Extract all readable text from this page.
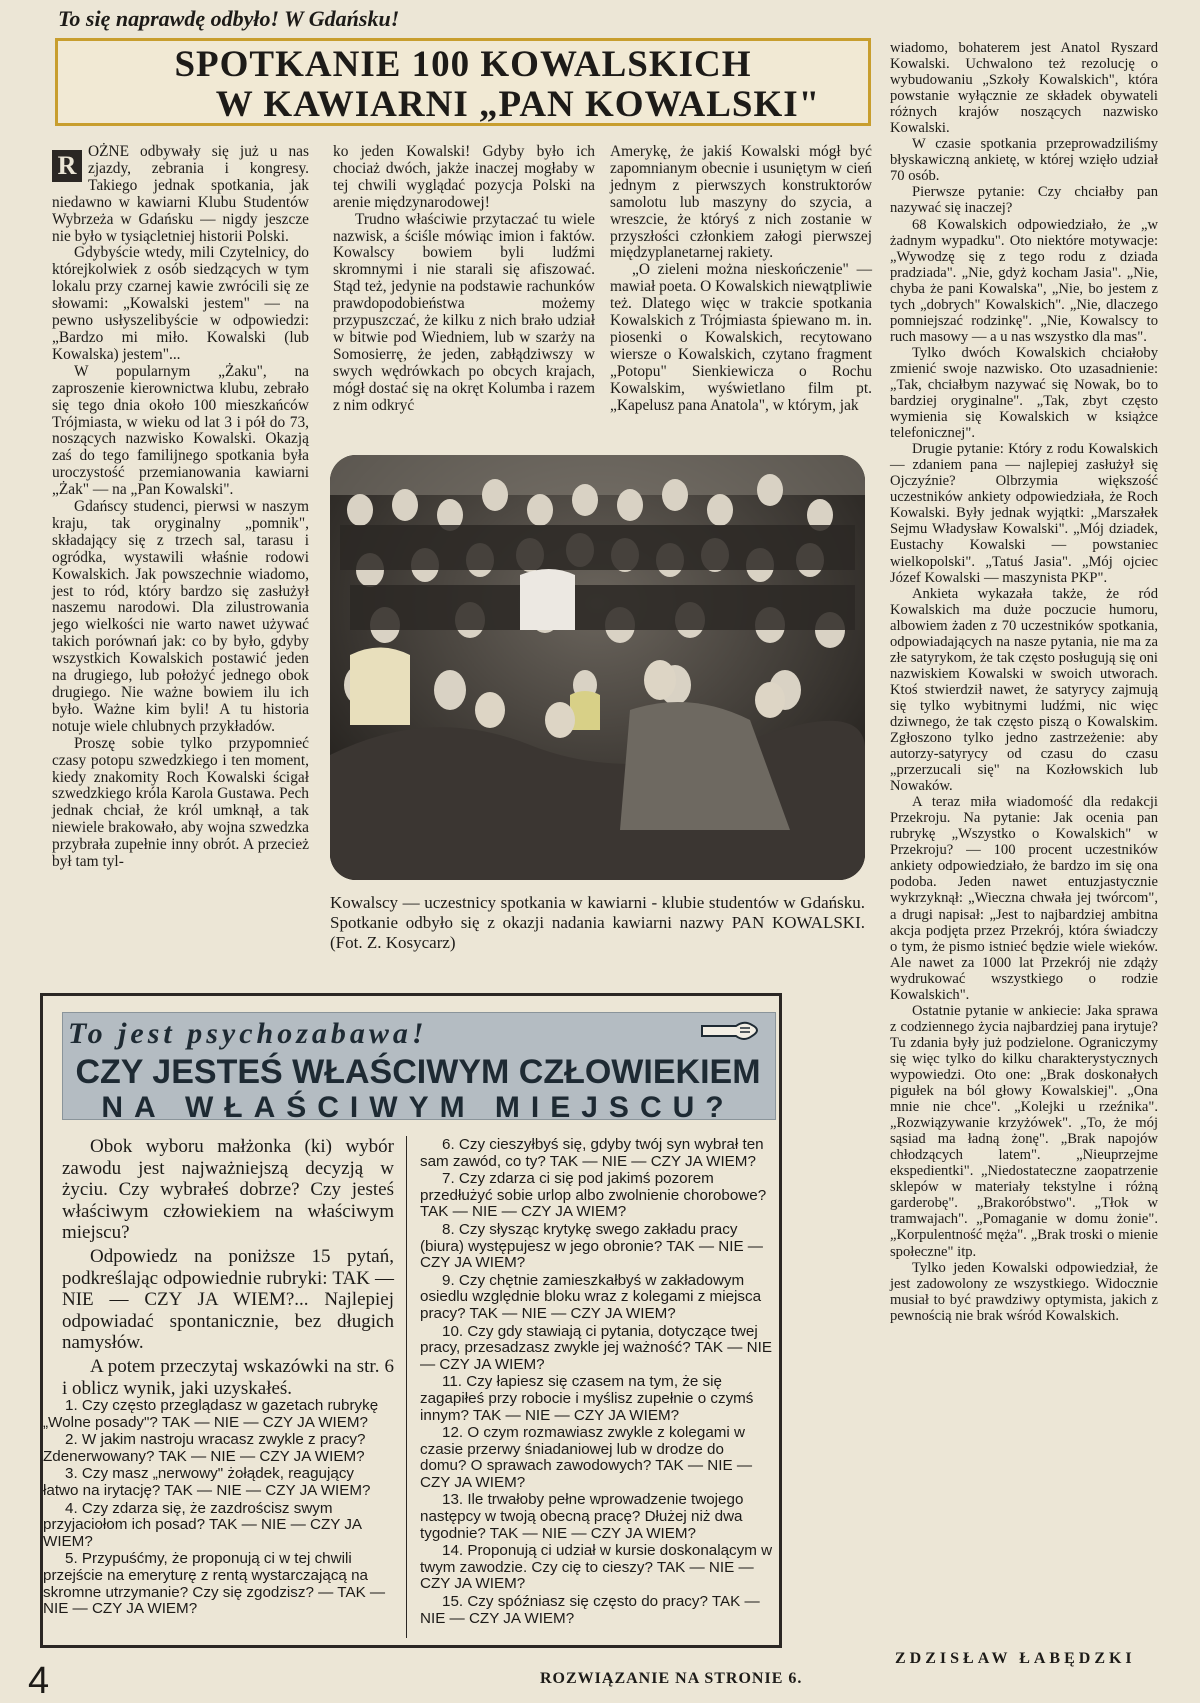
To się naprawdę odbyło! W Gdańsku!
SPOTKANIE 100 KOWALSKICH
W KAWIARNI „PAN KOWALSKI"

R OŻNE odbywały się już u nas zjazdy, zebrania i kongresy. Takiego jednak spotkania, jak niedawno w kawiarni Klubu Studentów Wybrzeża w Gdańsku — nigdy jeszcze nie było w tysiącletniej historii Polski.

Gdybyście wtedy, mili Czytelnicy, do którejkolwiek z osób siedzących w tym lokalu przy czarnej kawie zwrócili się ze słowami: „Kowalski jestem" — na pewno usłyszelibyście w odpowiedzi: „Bardzo mi miło. Kowalski (lub Kowalska) jestem"...

W popularnym „Żaku", na zaproszenie kierownictwa klubu, zebrało się tego dnia około 100 mieszkańców Trójmiasta, w wieku od lat 3 i pół do 73, noszących nazwisko Kowalski. Okazją zaś do tego familijnego spotkania była uroczystość przemianowania kawiarni „Żak" — na „Pan Kowalski".

Gdańscy studenci, pierwsi w naszym kraju, tak oryginalny „pomnik", składający się z trzech sal, tarasu i ogródka, wystawili właśnie rodowi Kowalskich. Jak powszechnie wiadomo, jest to ród, który bardzo się zasłużył naszemu narodowi. Dla zilustrowania jego wielkości nie warto nawet używać takich porównań jak: co by było, gdyby wszystkich Kowalskich postawić jeden na drugiego, lub położyć jednego obok drugiego. Nie ważne bowiem ilu ich było. Ważne kim byli! A tu historia notuje wiele chlubnych przykładów.

Proszę sobie tylko przypomnieć czasy potopu szwedzkiego i ten moment, kiedy znakomity Roch Kowalski ścigał szwedzkiego króla Karola Gustawa. Pech jednak chciał, że król umknął, a tak niewiele brakowało, aby wojna szwedzka przybrała zupełnie inny obrót. A przecież był tam tyl-

ko jeden Kowalski! Gdyby było ich chociaż dwóch, jakże inaczej mogłaby w tej chwili wyglądać pozycja Polski na arenie międzynarodowej!

Trudno właściwie przytaczać tu wiele nazwisk, a ściśle mówiąc imion i faktów. Kowalscy bowiem byli ludźmi skromnymi i nie starali się afiszować. Stąd też, jedynie na podstawie rachunków prawdopodobieństwa możemy przypuszczać, że kilku z nich brało udział w bitwie pod Wiedniem, lub w szarży na Somosierrę, że jeden, zabłądziwszy w swych wędrówkach po obcych krajach, mógł dostać się na okręt Kolumba i razem z nim odkryć

Amerykę, że jakiś Kowalski mógł być zapomnianym obecnie i usuniętym w cień jednym z pierwszych konstruktorów samolotu lub maszyny do szycia, a wreszcie, że któryś z nich zostanie w przyszłości członkiem załogi pierwszej międzyplanetarnej rakiety.

„O zieleni można nieskończenie" — mawiał poeta. O Kowalskich niewątpliwie też. Dlatego więc w trakcie spotkania Kowalskich z Trójmiasta śpiewano m. in. piosenki o Kowalskich, recytowano wiersze o Kowalskich, czytano fragment „Potopu" Sienkiewicza o Rochu Kowalskim, wyświetlano film pt. „Kapelusz pana Anatola", w którym, jak

wiadomo, bohaterem jest Anatol Ryszard Kowalski. Uchwalono też rezolucję o wybudowaniu „Szkoły Kowalskich", która powstanie wyłącznie ze składek obywateli różnych krajów noszących nazwisko Kowalski.

W czasie spotkania przeprowadziliśmy błyskawiczną ankietę, w której wzięło udział 70 osób.

Pierwsze pytanie: Czy chciałby pan nazywać się inaczej?

68 Kowalskich odpowiedziało, że „w żadnym wypadku". Oto niektóre motywacje: „Wywodzę się z tego rodu z dziada pradziada". „Nie, gdyż kocham Jasia". „Nie, chyba że pani Kowalska", „Nie, bo jestem z tych „dobrych" Kowalskich". „Nie, dlaczego pomniejszać rodzinkę". „Nie, Kowalscy to ruch masowy — a u nas wszystko dla mas".

Tylko dwóch Kowalskich chciałoby zmienić swoje nazwisko. Oto uzasadnienie: „Tak, chciałbym nazywać się Nowak, bo to bardziej oryginalne". „Tak, zbyt często wymienia się Kowalskich w książce telefonicznej".

Drugie pytanie: Który z rodu Kowalskich — zdaniem pana — najlepiej zasłużył się Ojczyźnie? Olbrzymia większość uczestników ankiety odpowiedziała, że Roch Kowalski. Były jednak wyjątki: „Marszałek Sejmu Władysław Kowalski". „Mój dziadek, Eustachy Kowalski — powstaniec wielkopolski". „Tatuś Jasia". „Mój ojciec Józef Kowalski — maszynista PKP".

Ankieta wykazała także, że ród Kowalskich ma duże poczucie humoru, albowiem żaden z 70 uczestników spotkania, odpowiadających na nasze pytania, nie ma za złe satyrykom, że tak często posługują się oni nazwiskiem Kowalski w swoich utworach. Ktoś stwierdził nawet, że satyrycy zajmują się tylko wybitnymi ludźmi, nic więc dziwnego, że tak często piszą o Kowalskim. Zgłoszono tylko jedno zastrzeżenie: aby autorzy-satyrycy od czasu do czasu „przerzucali się" na Kozłowskich lub Nowaków.

A teraz miła wiadomość dla redakcji Przekroju. Na pytanie: Jak ocenia pan rubrykę „Wszystko o Kowalskich" w Przekroju? — 100 procent uczestników ankiety odpowiedziało, że bardzo im się ona podoba. Jeden nawet entuzjastycznie wykrzyknął: „Wieczna chwała jej twórcom", a drugi napisał: „Jest to najbardziej ambitna akcja podjęta przez Przekrój, która świadczy o tym, że pismo istnieć będzie wiele wieków. Ale nawet za 1000 lat Przekrój nie zdąży wydrukować wszystkiego o rodzie Kowalskich".

Ostatnie pytanie w ankiecie: Jaka sprawa z codziennego życia najbardziej pana irytuje? Tu zdania były już podzielone. Ograniczymy się więc tylko do kilku charakterystycznych wypowiedzi. Oto one: „Brak doskonałych pigułek na ból głowy Kowalskiej". „Ona mnie nie chce". „Kolejki u rzeźnika". „Rozwiązywanie krzyżówek". „To, że mój sąsiad ma ładną żonę". „Brak napojów chłodzących latem". „Nieuprzejme ekspedientki". „Niedostateczne zaopatrzenie sklepów w materiały tekstylne i różną garderobę". „Brakoróbstwo". „Tłok w tramwajach". „Pomaganie w domu żonie". „Korpulentność męża". „Brak troski o mienie społeczne" itp.

Tylko jeden Kowalski odpowiedział, że jest zadowolony ze wszystkiego. Widocznie musiał to być prawdziwy optymista, jakich z pewnością nie brak wśród Kowalskich.

Kowalscy — uczestnicy spotkania w kawiarni - klubie studentów w Gdańsku. Spotkanie odbyło się z okazji nadania kawiarni nazwy PAN KOWALSKI. (Fot. Z. Kosycarz)

To jest psychozabawa!
CZY JESTEŚ WŁAŚCIWYM CZŁOWIEKIEM
NA WŁAŚCIWYM MIEJSCU?

Obok wyboru małżonka (ki) wybór zawodu jest najważniejszą decyzją w życiu. Czy wybrałeś dobrze? Czy jesteś właściwym człowiekiem na właściwym miejscu?

Odpowiedz na poniższe 15 pytań, podkreślając odpowiednie rubryki: TAK — NIE — CZY JA WIEM?... Najlepiej odpowiadać spontanicznie, bez długich namysłów.

A potem przeczytaj wskazówki na str. 6 i oblicz wynik, jaki uzyskałeś.

1. Czy często przeglądasz w gazetach rubrykę „Wolne posady"? TAK — NIE — CZY JA WIEM?

2. W jakim nastroju wracasz zwykle z pracy? Zdenerwowany? TAK — NIE — CZY JA WIEM?

3. Czy masz „nerwowy" żołądek, reagujący łatwo na irytację? TAK — NIE — CZY JA WIEM?

4. Czy zdarza się, że zazdrościsz swym przyjaciołom ich posad? TAK — NIE — CZY JA WIEM?

5. Przypuśćmy, że proponują ci w tej chwili przejście na emeryturę z rentą wystarczającą na skromne utrzymanie? Czy się zgodzisz? — TAK — NIE — CZY JA WIEM?

6. Czy cieszyłbyś się, gdyby twój syn wybrał ten sam zawód, co ty? TAK — NIE — CZY JA WIEM?

7. Czy zdarza ci się pod jakimś pozorem przedłużyć sobie urlop albo zwolnienie chorobowe? TAK — NIE — CZY JA WIEM?

8. Czy słysząc krytykę swego zakładu pracy (biura) występujesz w jego obronie? TAK — NIE — CZY JA WIEM?

9. Czy chętnie zamieszkałbyś w zakładowym osiedlu względnie bloku wraz z kolegami z miejsca pracy? TAK — NIE — CZY JA WIEM?

10. Czy gdy stawiają ci pytania, dotyczące twej pracy, przesadzasz zwykle jej ważność? TAK — NIE — CZY JA WIEM?

11. Czy łapiesz się czasem na tym, że się zagapiłeś przy robocie i myślisz zupełnie o czymś innym? TAK — NIE — CZY JA WIEM?

12. O czym rozmawiasz zwykle z kolegami w czasie przerwy śniadaniowej lub w drodze do domu? O sprawach zawodowych? TAK — NIE — CZY JA WIEM?

13. Ile trwałoby pełne wprowadzenie twojego następcy w twoją obecną pracę? Dłużej niż dwa tygodnie? TAK — NIE — CZY JA WIEM?

14. Proponują ci udział w kursie doskonalącym w twym zawodzie. Czy cię to cieszy? TAK — NIE — CZY JA WIEM?

15. Czy spóźniasz się często do pracy? TAK — NIE — CZY JA WIEM?

ROZWIĄZANIE NA STRONIE 6.
ZDZISŁAW ŁABĘDZKI
4
